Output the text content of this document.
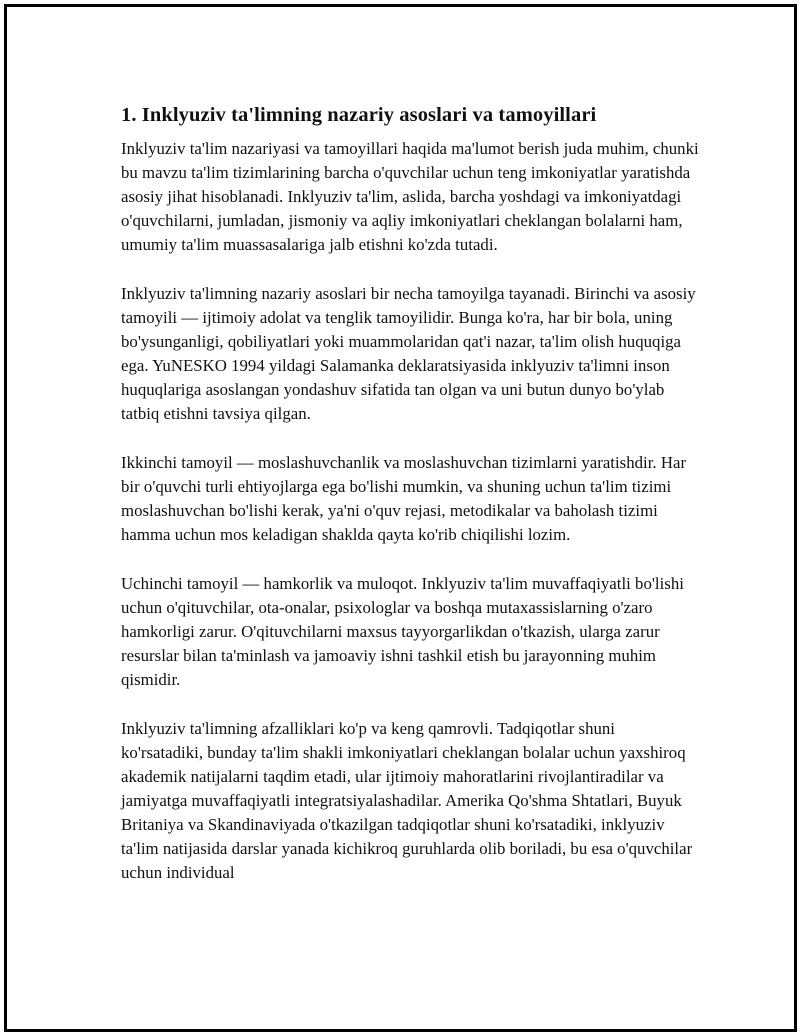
1. Inklyuziv ta'limning nazariy asoslari va tamoyillari

Inklyuziv ta'lim nazariyasi va tamoyillari haqida ma'lumot berish juda muhim, chunki bu mavzu ta'lim tizimlarining barcha o'quvchilar uchun teng imkoniyatlar yaratishda asosiy jihat hisoblanadi. Inklyuziv ta'lim, aslida, barcha yoshdagi va imkoniyatdagi o'quvchilarni, jumladan, jismoniy va aqliy imkoniyatlari cheklangan bolalarni ham, umumiy ta'lim muassasalariga jalb etishni ko'zda tutadi.

Inklyuziv ta'limning nazariy asoslari bir necha tamoyilga tayanadi. Birinchi va asosiy tamoyili — ijtimoiy adolat va tenglik tamoyilidir. Bunga ko'ra, har bir bola, uning bo'ysunganligi, qobiliyatlari yoki muammolaridan qat'i nazar, ta'lim olish huquqiga ega. YuNESKO 1994 yildagi Salamanka deklaratsiyasida inklyuziv ta'limni inson huquqlariga asoslangan yondashuv sifatida tan olgan va uni butun dunyo bo'ylab tatbiq etishni tavsiya qilgan.

Ikkinchi tamoyil — moslashuvchanlik va moslashuvchan tizimlarni yaratishdir. Har bir o'quvchi turli ehtiyojlarga ega bo'lishi mumkin, va shuning uchun ta'lim tizimi moslashuvchan bo'lishi kerak, ya'ni o'quv rejasi, metodikalar va baholash tizimi hamma uchun mos keladigan shaklda qayta ko'rib chiqilishi lozim.

Uchinchi tamoyil — hamkorlik va muloqot. Inklyuziv ta'lim muvaffaqiyatli bo'lishi uchun o'qituvchilar, ota-onalar, psixologlar va boshqa mutaxassislarning o'zaro hamkorligi zarur. O'qituvchilarni maxsus tayyorgarlikdan o'tkazish, ularga zarur resurslar bilan ta'minlash va jamoaviy ishni tashkil etish bu jarayonning muhim qismidir.

Inklyuziv ta'limning afzalliklari ko'p va keng qamrovli. Tadqiqotlar shuni ko'rsatadiki, bunday ta'lim shakli imkoniyatlari cheklangan bolalar uchun yaxshiroq akademik natijalarni taqdim etadi, ular ijtimoiy mahoratlarini rivojlantiradilar va jamiyatga muvaffaqiyatli integratsiyalashadilar. Amerika Qo'shma Shtatlari, Buyuk Britaniya va Skandinaviyada o'tkazilgan tadqiqotlar shuni ko'rsatadiki, inklyuziv ta'lim natijasida darslar yanada kichikroq guruhlarda olib boriladi, bu esa o'quvchilar uchun individual
